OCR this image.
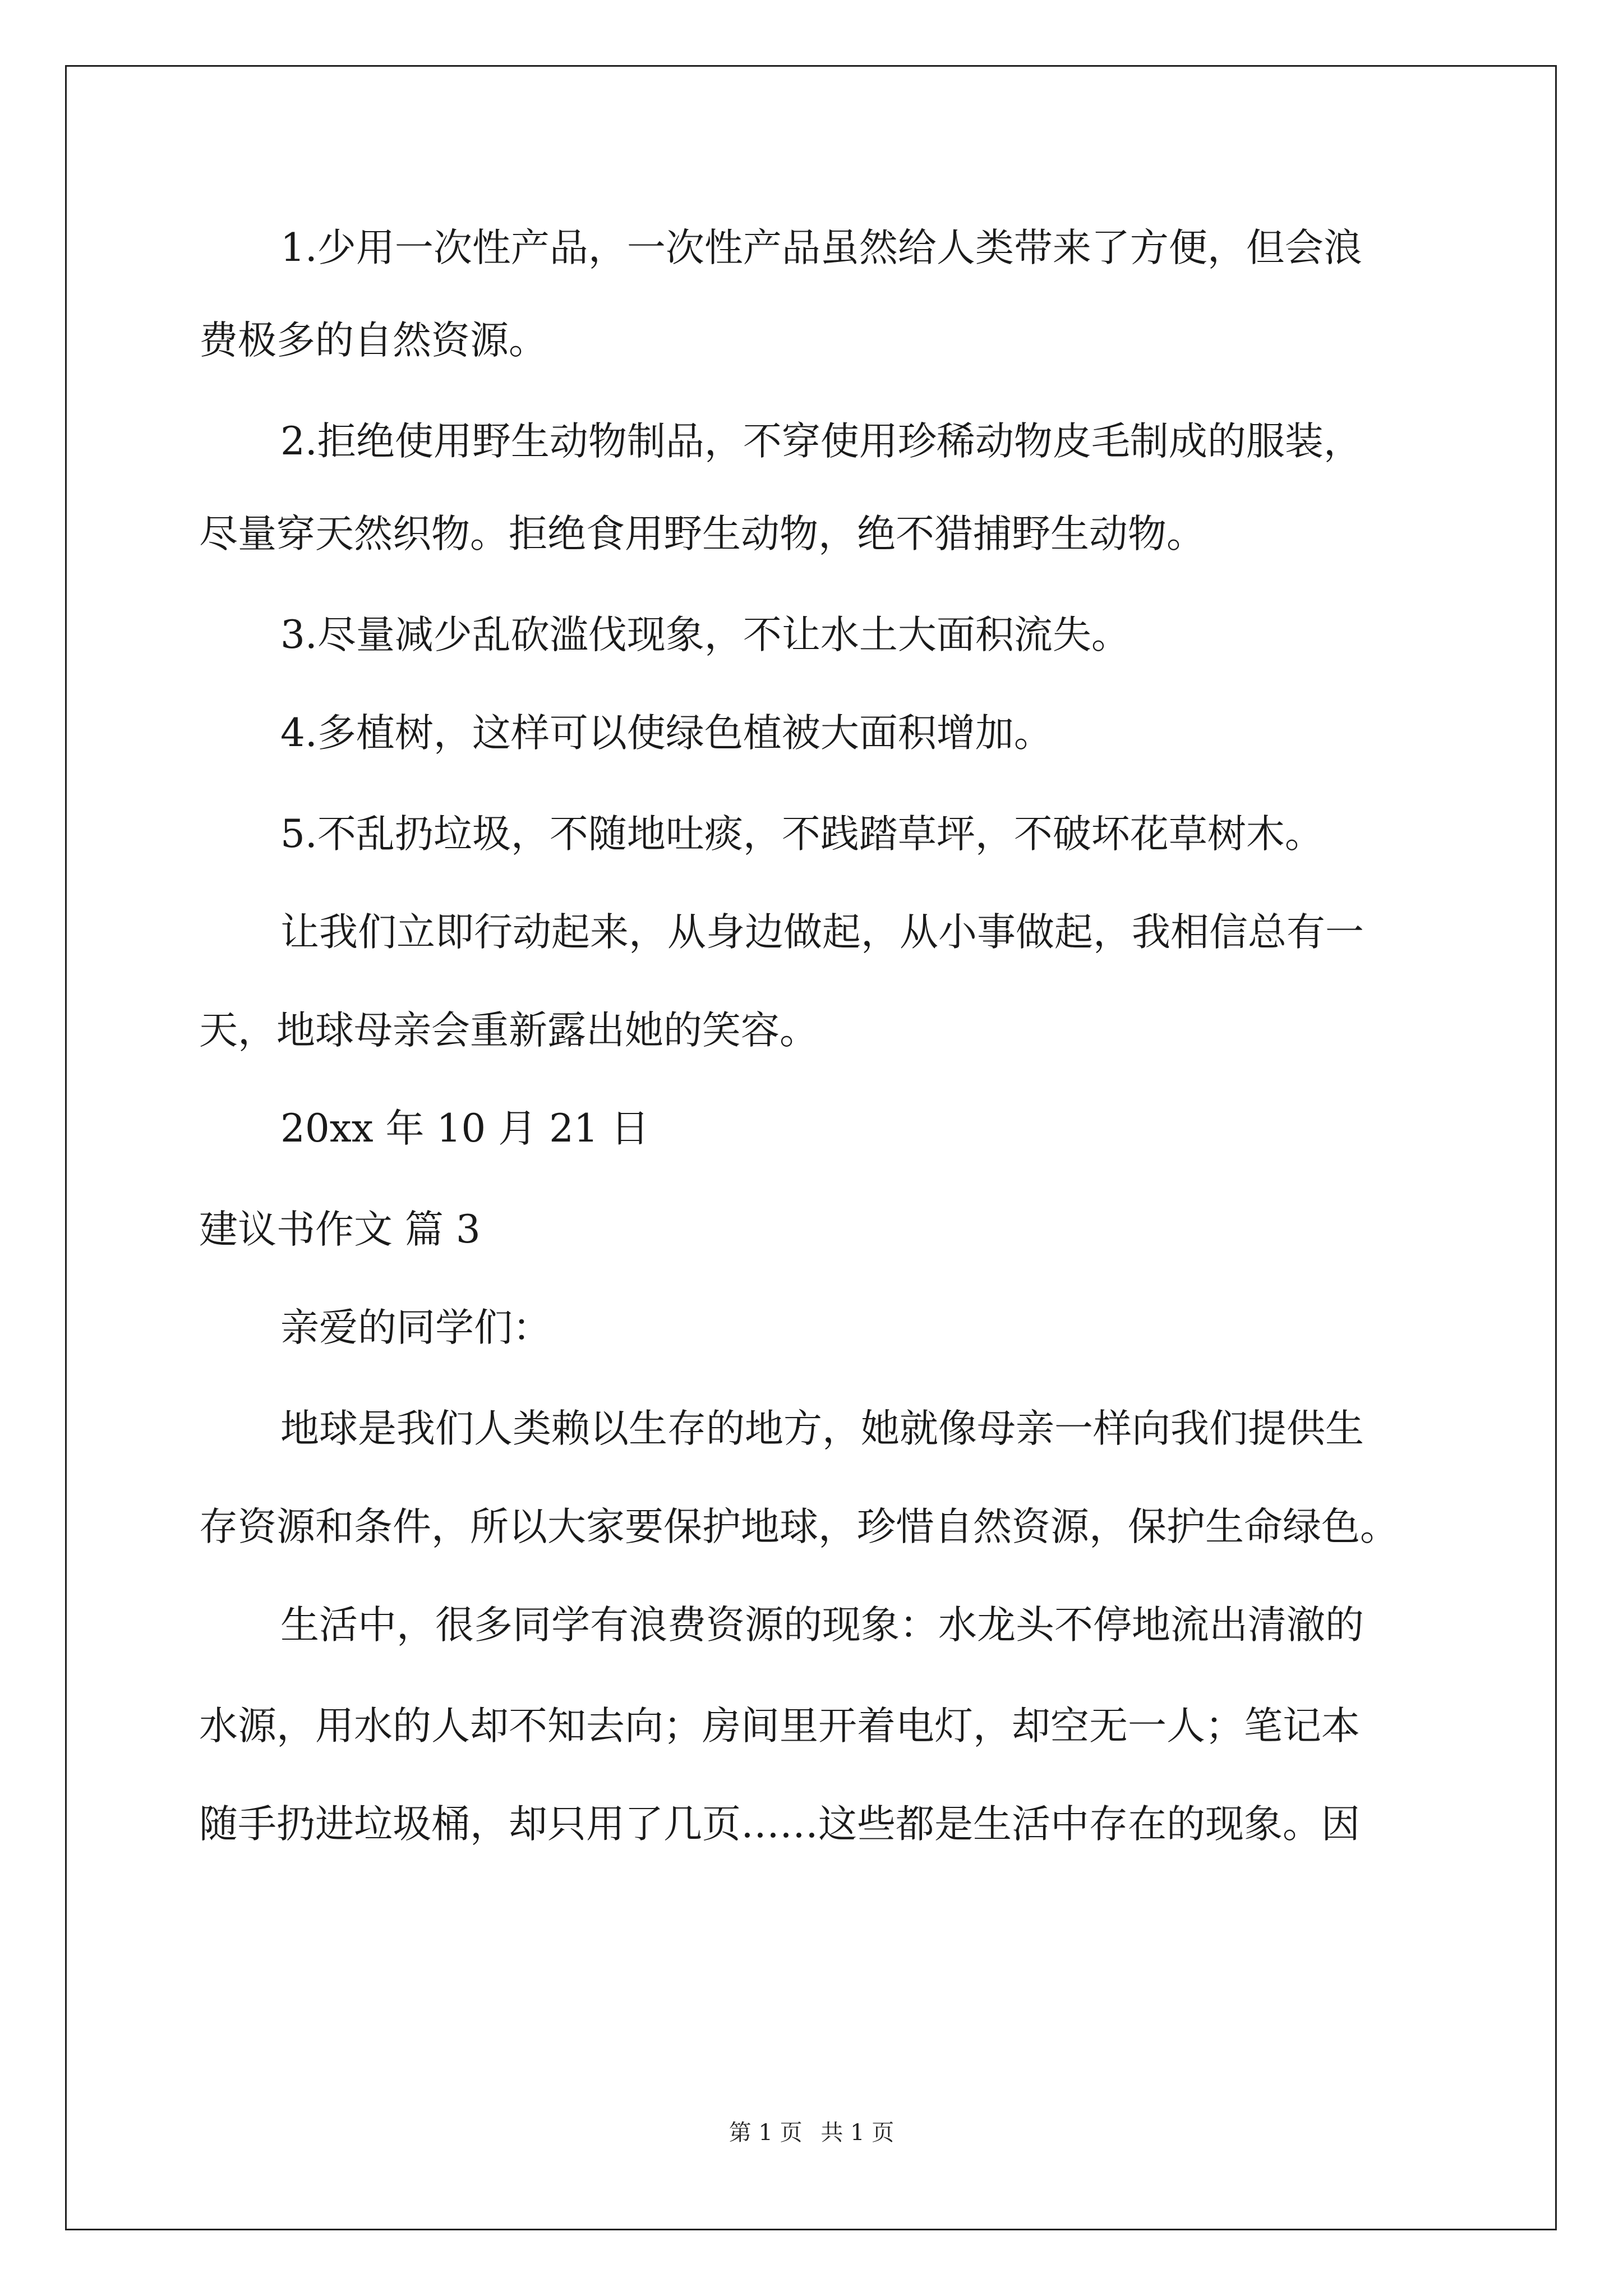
1.少用一次性产品，一次性产品虽然给人类带来了方便，但会浪

费极多的自然资源。

2.拒绝使用野生动物制品，不穿使用珍稀动物皮毛制成的服装，

尽量穿天然织物。拒绝食用野生动物，绝不猎捕野生动物。

3.尽量减少乱砍滥伐现象，不让水土大面积流失。

4.多植树，这样可以使绿色植被大面积增加。

5.不乱扔垃圾，不随地吐痰，不践踏草坪，不破坏花草树木。

让我们立即行动起来，从身边做起，从小事做起，我相信总有一

天，地球母亲会重新露出她的笑容。

20xx 年 10 月 21 日

建议书作文 篇 3

亲爱的同学们：

地球是我们人类赖以生存的地方，她就像母亲一样向我们提供生

存资源和条件，所以大家要保护地球，珍惜自然资源，保护生命绿色。

生活中，很多同学有浪费资源的现象：水龙头不停地流出清澈的

水源，用水的人却不知去向；房间里开着电灯，却空无一人；笔记本

随手扔进垃圾桶，却只用了几页……这些都是生活中存在的现象。因

第 1 页 共 1 页
